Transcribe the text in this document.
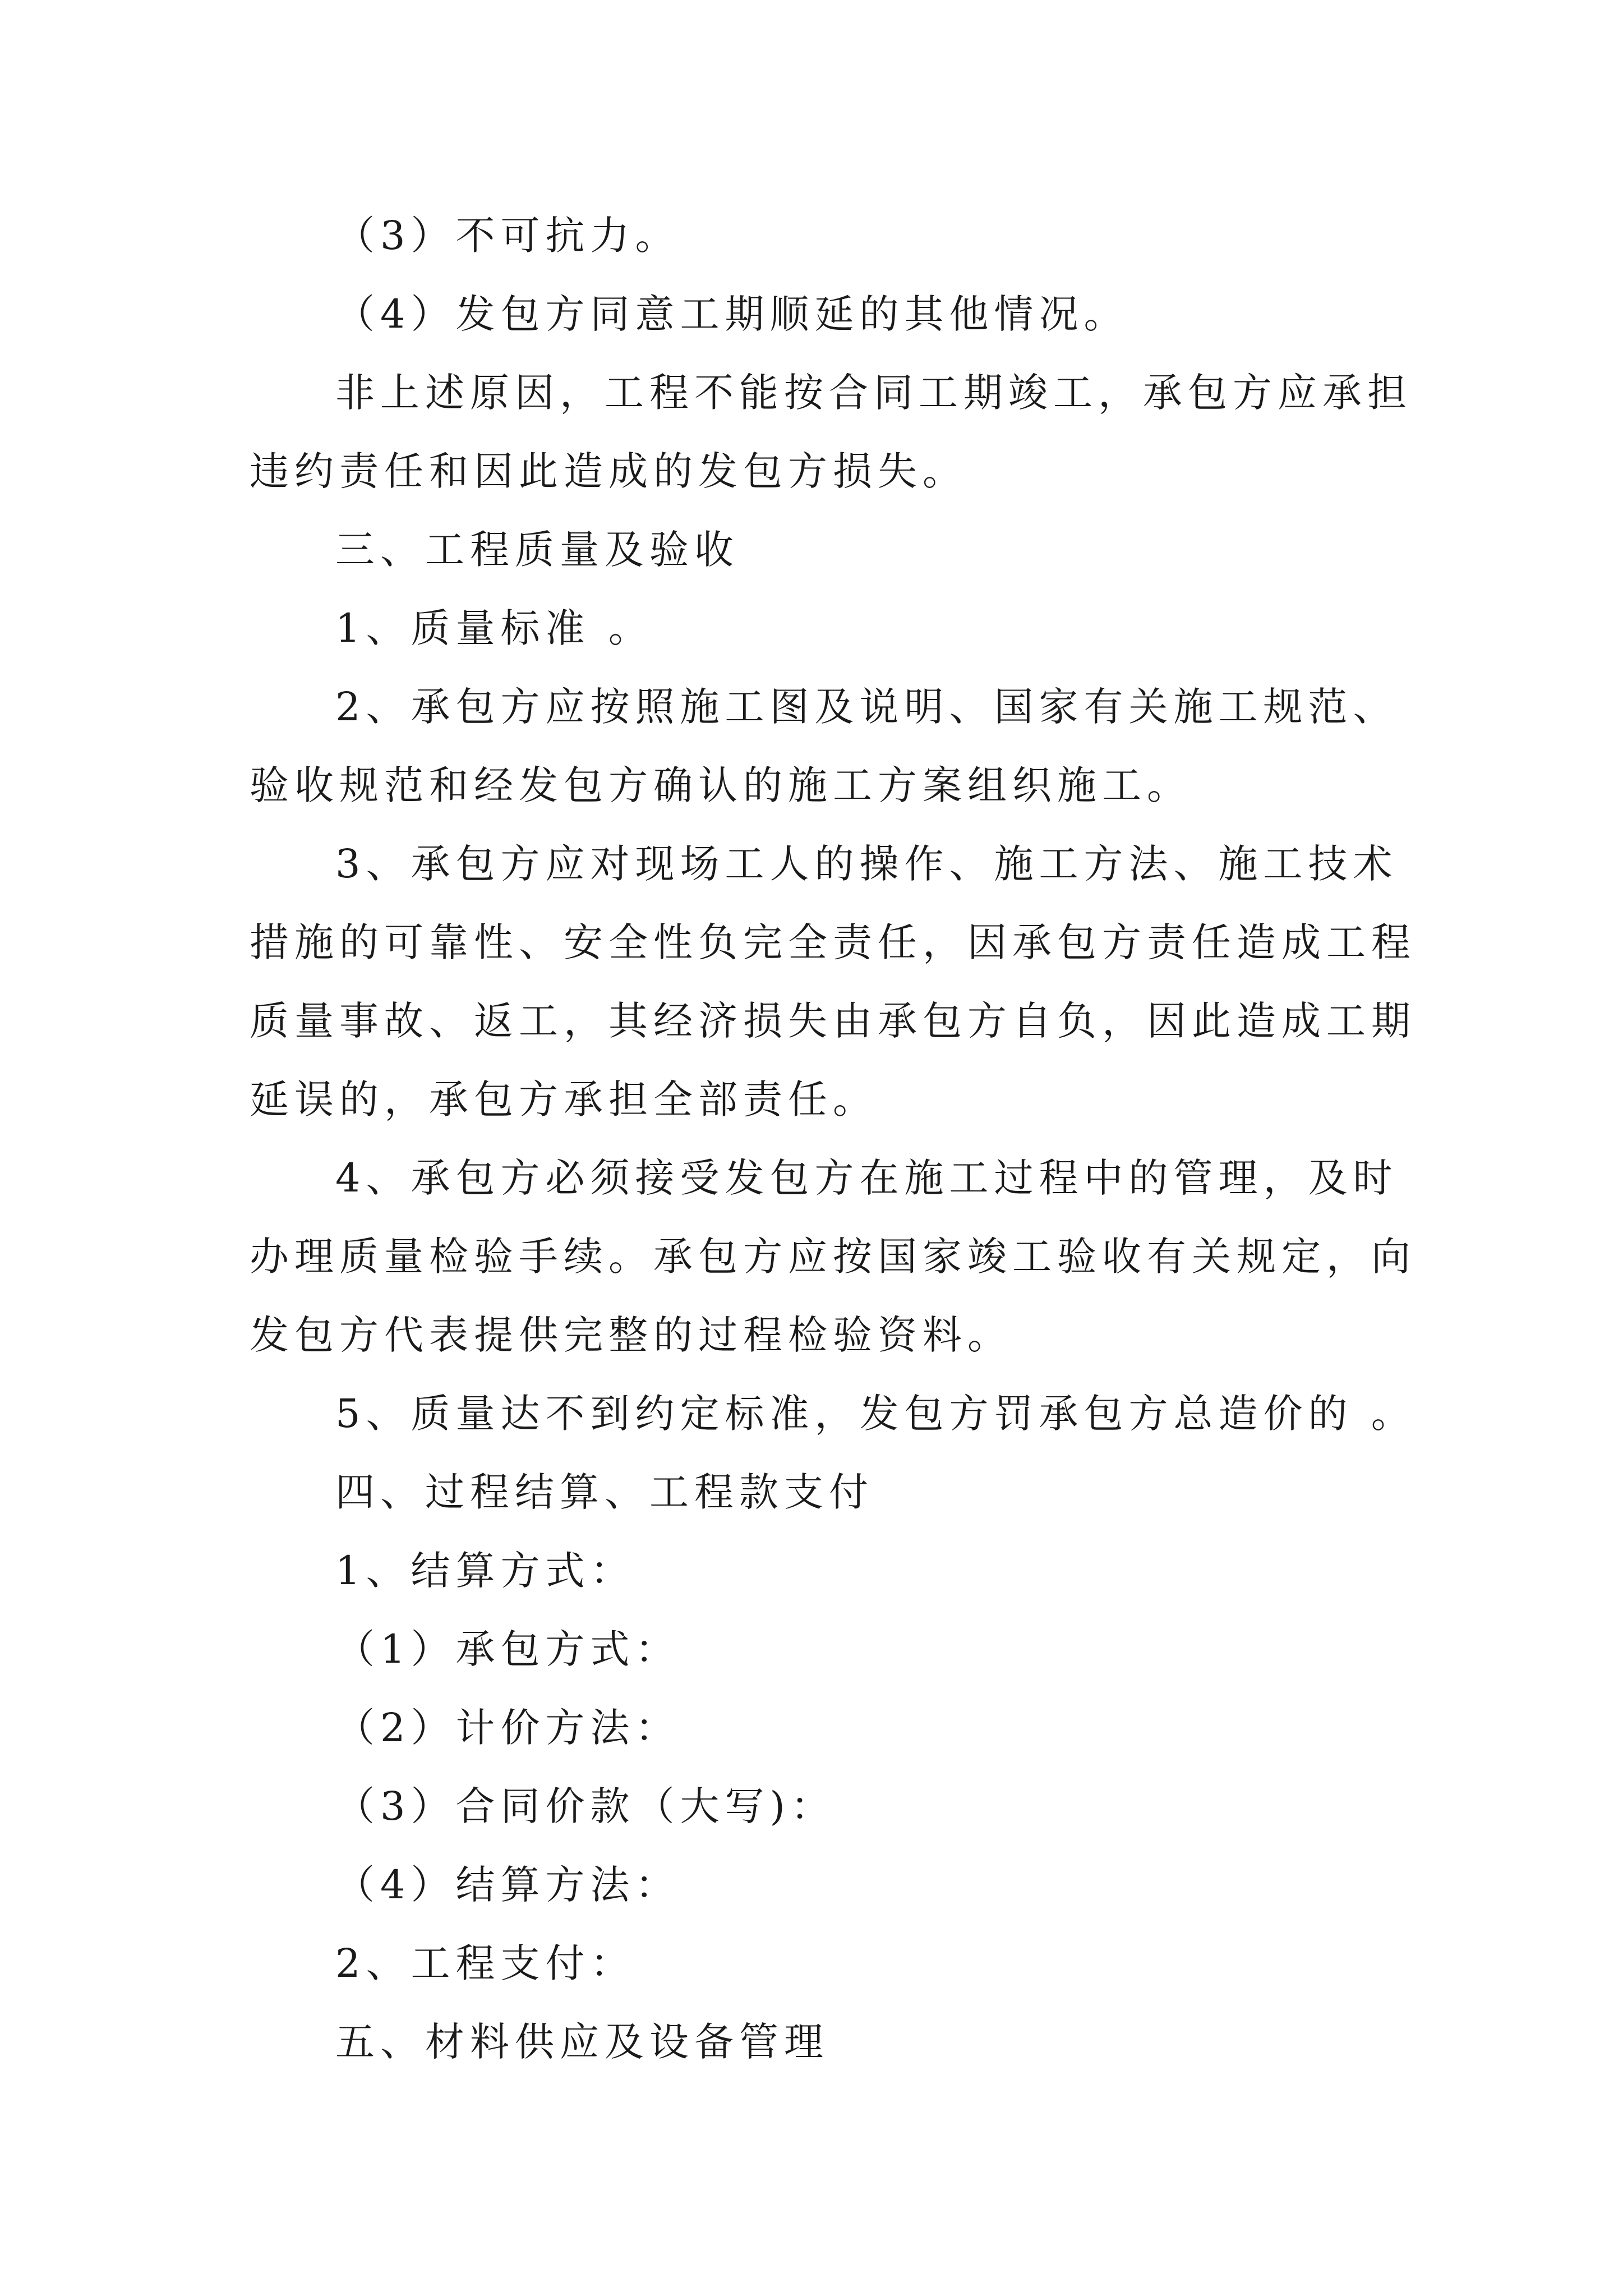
（3）不可抗力。
（4）发包方同意工期顺延的其他情况。
非上述原因，工程不能按合同工期竣工，承包方应承担
违约责任和因此造成的发包方损失。
三、工程质量及验收
1、质量标准 。
2、承包方应按照施工图及说明、国家有关施工规范、
验收规范和经发包方确认的施工方案组织施工。
3、承包方应对现场工人的操作、施工方法、施工技术
措施的可靠性、安全性负完全责任，因承包方责任造成工程
质量事故、返工，其经济损失由承包方自负，因此造成工期
延误的，承包方承担全部责任。
4、承包方必须接受发包方在施工过程中的管理，及时
办理质量检验手续。承包方应按国家竣工验收有关规定，向
发包方代表提供完整的过程检验资料。
5、质量达不到约定标准，发包方罚承包方总造价的 。
四、过程结算、工程款支付
1、结算方式：
（1）承包方式：
（2）计价方法：
（3）合同价款（大写)：
（4）结算方法：
2、工程支付：
五、材料供应及设备管理
